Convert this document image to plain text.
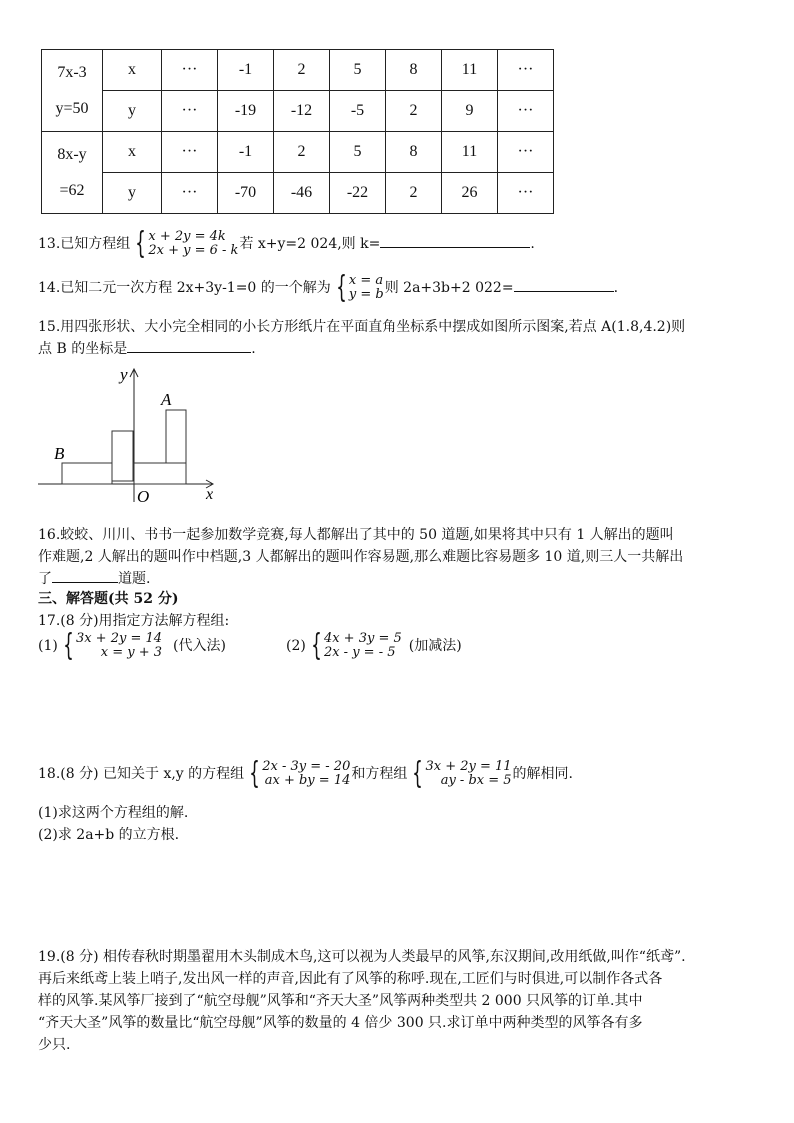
7x-3
y=50	x	···	-1	2	5	8	11	···
	y	···	-19	-12	-5	2	9	···

8x-y
=62	x	···	-1	2	5	8	11	···
	y	···	-70	-46	-22	2	26	···
13.已知方程组 { x + 2y = 4k
2x + y = 6 - k 若 x+y=2 024,则 k=	.
14.已知二元一次方程 2x+3y-1=0 的一个解为 { x = a
y = b 则 2a+3b+2 022=	.
15.用四张形状、大小完全相同的小长方形纸片在平面直角坐标系中摆成如图所示图案,若点 A(1.8,4.2)则
点 B 的坐标是	.
y
x
O
A
B
16.蛟蛟、川川、书书一起参加数学竞赛,每人都解出了其中的 50 道题,如果将其中只有 1 人解出的题叫
作难题,2 人解出的题叫作中档题,3 人都解出的题叫作容易题,那么难题比容易题多 10 道,则三人一共解出
了	道题.
三、解答题(共 52 分)
17.(8 分)用指定方法解方程组:
(1) { 3x + 2y = 14
x = y + 3 (代入法)	(2) { 4x + 3y = 5
2x - y = - 5 (加减法)
18.(8 分) 已知关于 x,y 的方程组 { 2x - 3y = - 20
ax + by = 14 和方程组 { 3x + 2y = 11
ay - bx = 5 的解相同.
(1)求这两个方程组的解.
(2)求 2a+b 的立方根.
19.(8 分) 相传春秋时期墨翟用木头制成木鸟,这可以视为人类最早的风筝,东汉期间,改用纸做,叫作“纸鸢”.
再后来纸鸢上装上哨子,发出风一样的声音,因此有了风筝的称呼.现在,工匠们与时俱进,可以制作各式各
样的风筝.某风筝厂接到了“航空母舰”风筝和“齐天大圣”风筝两种类型共 2 000 只风筝的订单.其中
“齐天大圣”风筝的数量比“航空母舰”风筝的数量的 4 倍少 300 只.求订单中两种类型的风筝各有多
少只.
